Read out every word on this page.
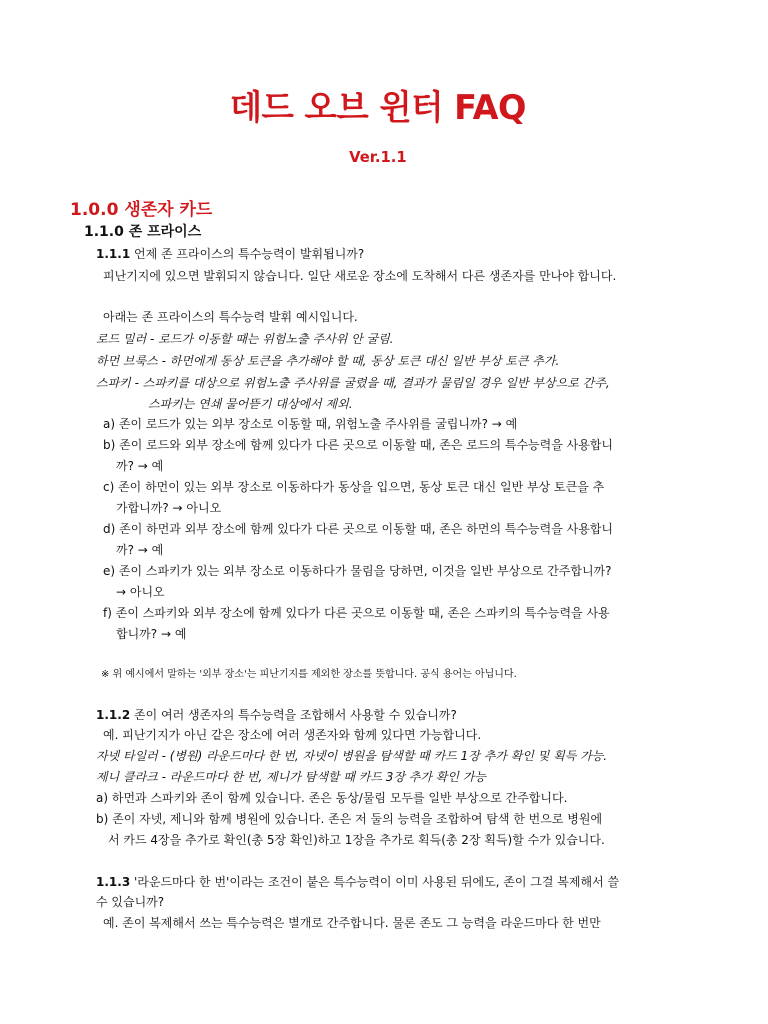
데드 오브 윈터 FAQ
Ver.1.1
1.0.0 생존자 카드
1.1.0 존 프라이스
1.1.1 언제 존 프라이스의 특수능력이 발휘됩니까?
피난기지에 있으면 발휘되지 않습니다. 일단 새로운 장소에 도착해서 다른 생존자를 만나야 합니다.
아래는 존 프라이스의 특수능력 발휘 예시입니다.
로드 밀러 - 로드가 이동할 때는 위험노출 주사위 안 굴림.
하먼 브룩스 - 하먼에게 동상 토큰을 추가해야 할 때, 동상 토큰 대신 일반 부상 토큰 추가.
스파키 - 스파키를 대상으로 위험노출 주사위를 굴렸을 때, 결과가 물림일 경우 일반 부상으로 간주,
스파키는 연쇄 물어뜯기 대상에서 제외.
a) 존이 로드가 있는 외부 장소로 이동할 때, 위험노출 주사위를 굴립니까? → 예
b) 존이 로드와 외부 장소에 함께 있다가 다른 곳으로 이동할 때, 존은 로드의 특수능력을 사용합니
까? → 예
c) 존이 하먼이 있는 외부 장소로 이동하다가 동상을 입으면, 동상 토큰 대신 일반 부상 토큰을 추
가합니까? → 아니오
d) 존이 하먼과 외부 장소에 함께 있다가 다른 곳으로 이동할 때, 존은 하먼의 특수능력을 사용합니
까? → 예
e) 존이 스파키가 있는 외부 장소로 이동하다가 물림을 당하면, 이것을 일반 부상으로 간주합니까?
→ 아니오
f) 존이 스파키와 외부 장소에 함께 있다가 다른 곳으로 이동할 때, 존은 스파키의 특수능력을 사용
합니까? → 예
※ 위 예시에서 말하는 '외부 장소'는 피난기지를 제외한 장소를 뜻합니다. 공식 용어는 아닙니다.
1.1.2 존이 여러 생존자의 특수능력을 조합해서 사용할 수 있습니까?
예. 피난기지가 아닌 같은 장소에 여러 생존자와 함께 있다면 가능합니다.
자넷 타일러 - (병원) 라운드마다 한 번, 자넷이 병원을 탐색할 때 카드 1장 추가 확인 및 획득 가능.
제니 클라크 - 라운드마다 한 번, 제니가 탐색할 때 카드 3장 추가 확인 가능
a) 하먼과 스파키와 존이 함께 있습니다. 존은 동상/물림 모두를 일반 부상으로 간주합니다.
b) 존이 자넷, 제니와 함께 병원에 있습니다. 존은 저 둘의 능력을 조합하여 탐색 한 번으로 병원에
서 카드 4장을 추가로 확인(총 5장 확인)하고 1장을 추가로 획득(총 2장 획득)할 수가 있습니다.
1.1.3 '라운드마다 한 번'이라는 조건이 붙은 특수능력이 이미 사용된 뒤에도, 존이 그걸 복제해서 쓸
수 있습니까?
예. 존이 복제해서 쓰는 특수능력은 별개로 간주합니다. 물론 존도 그 능력을 라운드마다 한 번만
